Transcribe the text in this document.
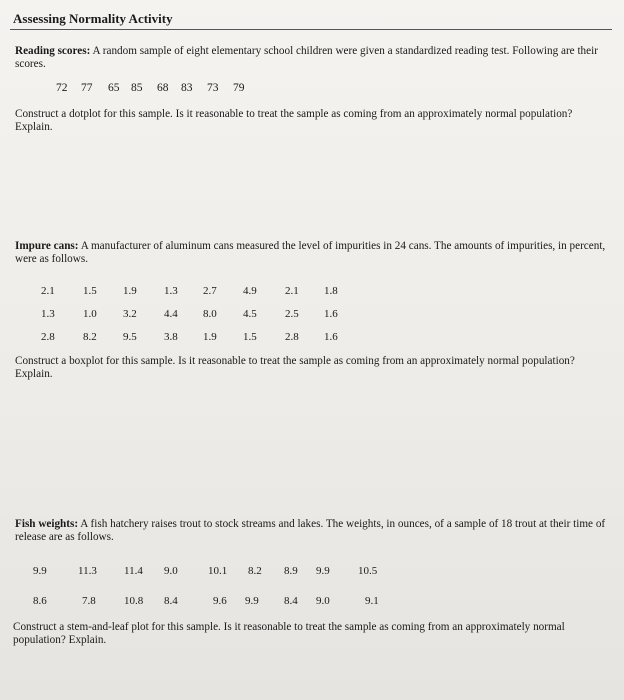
Assessing Normality Activity
Reading scores: A random sample of eight elementary school children were given a standardized reading test. Following are their scores.
72 77 65 85 68 83 73 79
Construct a dotplot for this sample. Is it reasonable to treat the sample as coming from an approximately normal population? Explain.
Impure cans: A manufacturer of aluminum cans measured the level of impurities in 24 cans. The amounts of impurities, in percent, were as follows.
2.1	1.5 1.9 1.3 2.7 4.9	2.1 1.8
1.3	1.0 3.2 4.4 8.0 4.5	2.5 1.6
2.8	8.2 9.5 3.8 1.9 1.5	2.8 1.6
Construct a boxplot for this sample. Is it reasonable to treat the sample as coming from an approximately normal population? Explain.
Fish weights: A fish hatchery raises trout to stock streams and lakes. The weights, in ounces, of a sample of 18 trout at their time of release are as follows.
9.9	11.3 11.4 9.0	10.1 8.2 8.9 9.9	10.5
8.6	7.8	10.8 8.4	9.6 9.9 8.4 9.0	9.1
Construct a stem-and-leaf plot for this sample. Is it reasonable to treat the sample as coming from an approximately normal population? Explain.
